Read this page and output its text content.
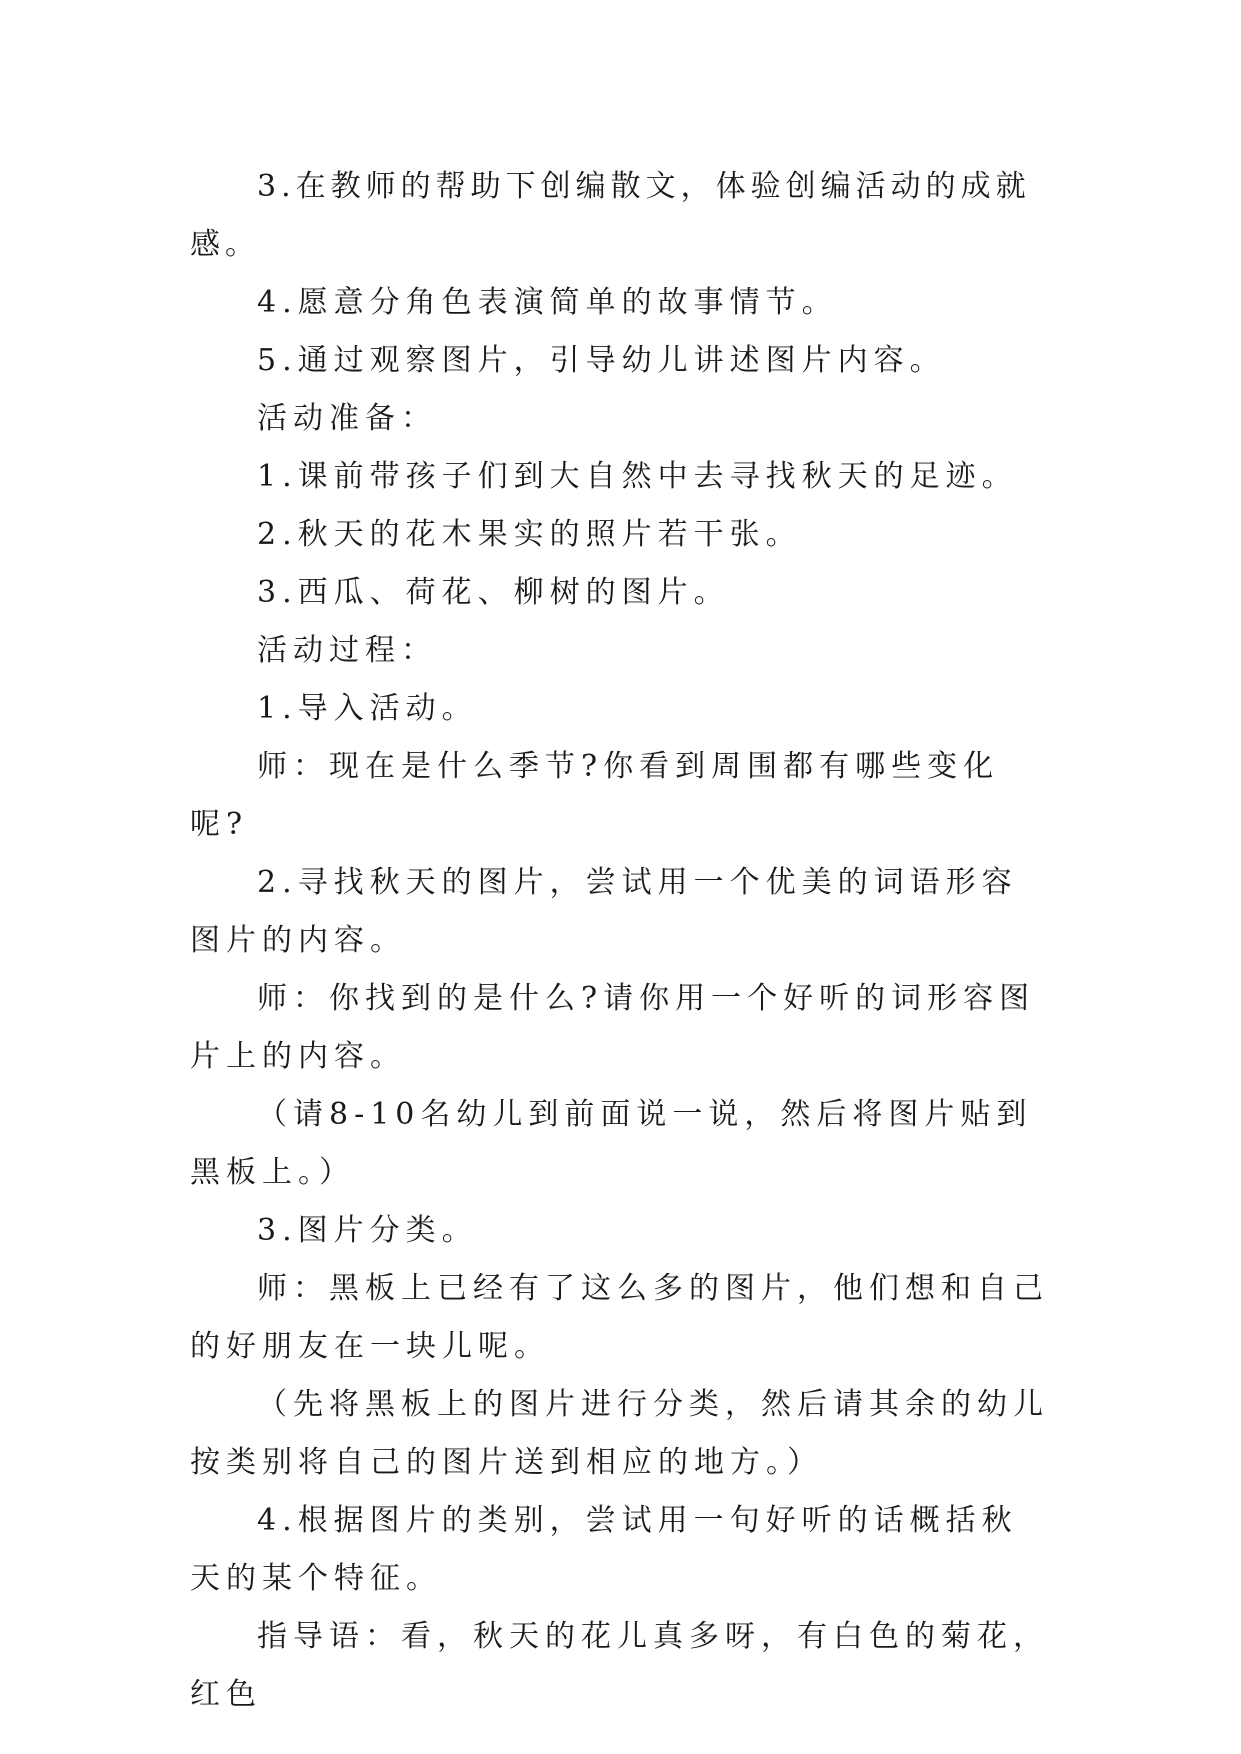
3.在教师的帮助下创编散文，体验创编活动的成就感。

4.愿意分角色表演简单的故事情节。

5.通过观察图片，引导幼儿讲述图片内容。

活动准备：

1.课前带孩子们到大自然中去寻找秋天的足迹。

2.秋天的花木果实的照片若干张。

3.西瓜、荷花、柳树的图片。

活动过程：

1.导入活动。

师：现在是什么季节?你看到周围都有哪些变化呢?

2.寻找秋天的图片，尝试用一个优美的词语形容图片的内容。

师：你找到的是什么?请你用一个好听的词形容图片上的内容。

（请8-10名幼儿到前面说一说，然后将图片贴到黑板上。）

3.图片分类。

师：黑板上已经有了这么多的图片，他们想和自己的好朋友在一块儿呢。

（先将黑板上的图片进行分类，然后请其余的幼儿按类别将自己的图片送到相应的地方。）

4.根据图片的类别，尝试用一句好听的话概括秋天的某个特征。

指导语：看，秋天的花儿真多呀，有白色的菊花，红色
